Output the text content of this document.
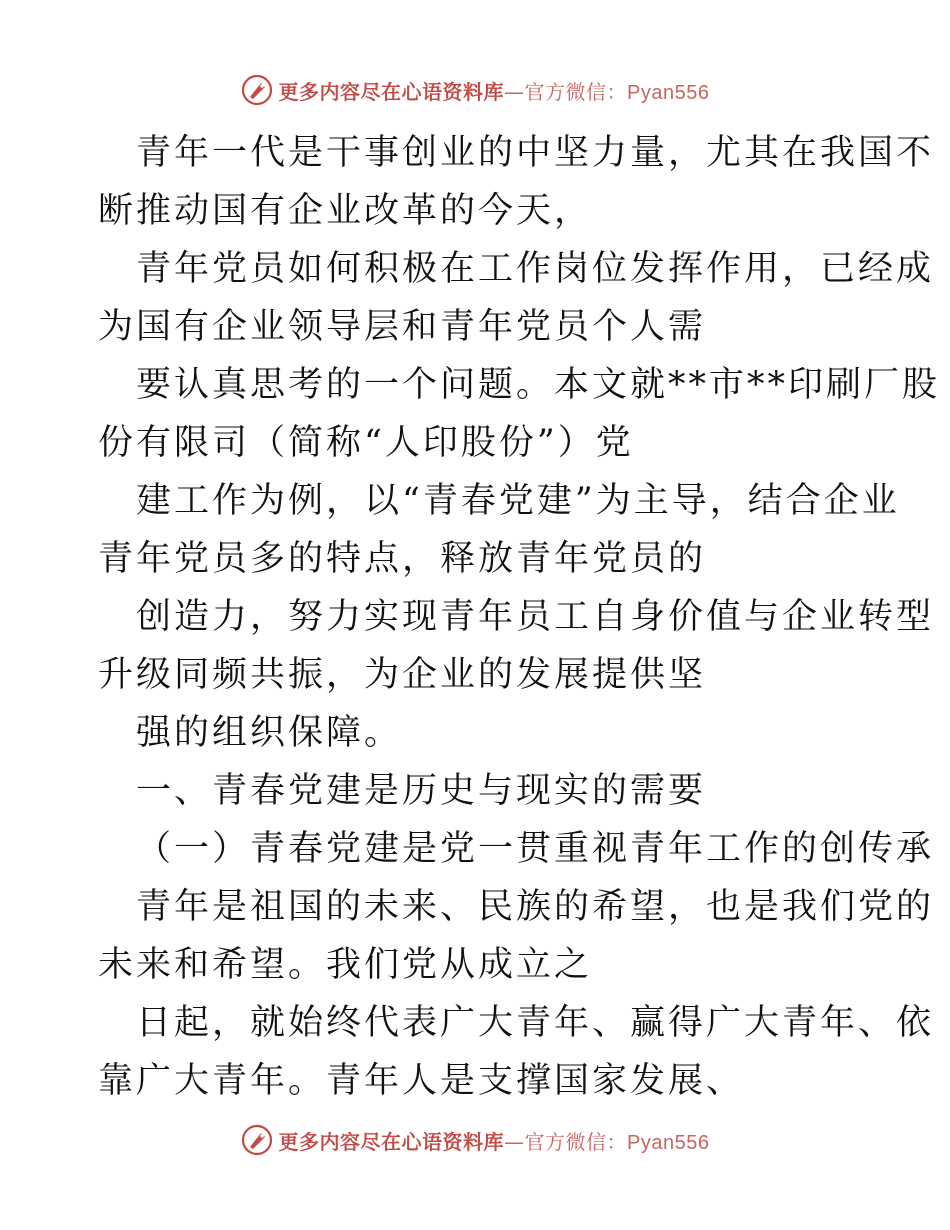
更多内容尽在心语资料库—官方微信：Pyan556
青年一代是干事创业的中坚力量，尤其在我国不
断推动国有企业改革的今天，
青年党员如何积极在工作岗位发挥作用，已经成
为国有企业领导层和青年党员个人需
要认真思考的一个问题。本文就**市**印刷厂股
份有限司（简称“人印股份”）党
建工作为例，以“青春党建”为主导，结合企业
青年党员多的特点，释放青年党员的
创造力，努力实现青年员工自身价值与企业转型
升级同频共振，为企业的发展提供坚
强的组织保障。
一、青春党建是历史与现实的需要
（一）青春党建是党一贯重视青年工作的创传承
青年是祖国的未来、民族的希望，也是我们党的
未来和希望。我们党从成立之
日起，就始终代表广大青年、赢得广大青年、依
靠广大青年。青年人是支撑国家发展、
更多内容尽在心语资料库—官方微信：Pyan556
